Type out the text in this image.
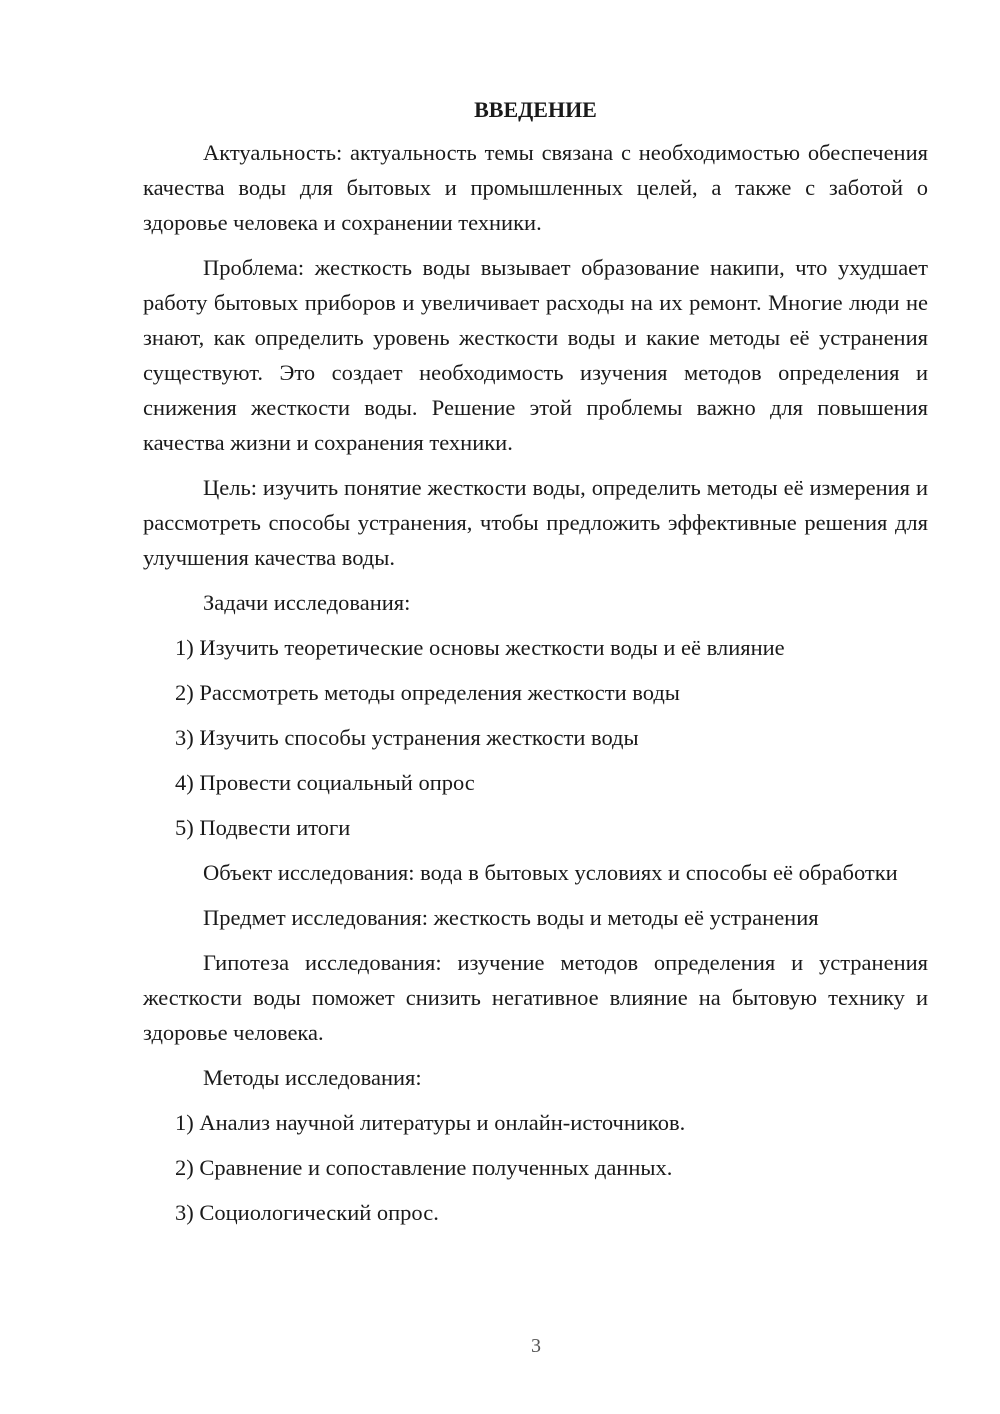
ВВЕДЕНИЕ

Актуальность: актуальность темы связана с необходимостью обеспечения качества воды для бытовых и промышленных целей, а также с заботой о здоровье человека и сохранении техники.

Проблема: жесткость воды вызывает образование накипи, что ухудшает работу бытовых приборов и увеличивает расходы на их ремонт. Многие люди не знают, как определить уровень жесткости воды и какие методы её устранения существуют. Это создает необходимость изучения методов определения и снижения жесткости воды. Решение этой проблемы важно для повышения качества жизни и сохранения техники.

Цель: изучить понятие жесткости воды, определить методы её измерения и рассмотреть способы устранения, чтобы предложить эффективные решения для улучшения качества воды.

Задачи исследования:

1) Изучить теоретические основы жесткости воды и её влияние

2) Рассмотреть методы определения жесткости воды

3) Изучить способы устранения жесткости воды

4) Провести социальный опрос

5) Подвести итоги

Объект исследования: вода в бытовых условиях и способы её обработки

Предмет исследования: жесткость воды и методы её устранения

Гипотеза исследования: изучение методов определения и устранения жесткости воды поможет снизить негативное влияние на бытовую технику и здоровье человека.

Методы исследования:

1) Анализ научной литературы и онлайн-источников.

2) Сравнение и сопоставление полученных данных.

3) Социологический опрос.

3
